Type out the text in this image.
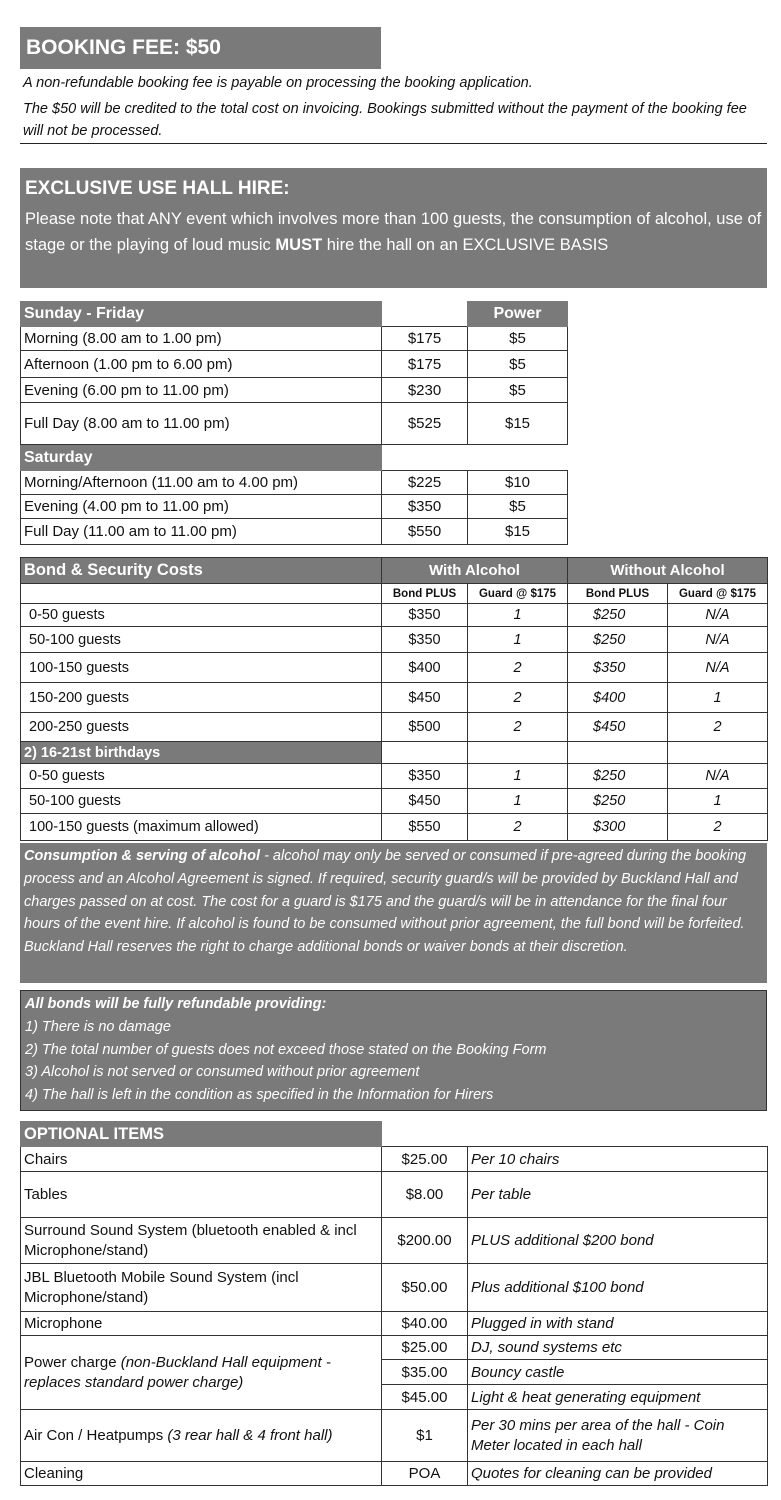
BOOKING FEE: $50
A non-refundable booking fee is payable on processing the booking application.
The $50 will be credited to the total cost on invoicing. Bookings submitted without the payment of the booking fee will not be processed.
EXCLUSIVE USE HALL HIRE:
Please note that ANY event which involves more than 100 guests, the consumption of alcohol, use of stage or the playing of loud music MUST hire the hall on an EXCLUSIVE BASIS
Sunday - Friday		Power
Morning (8.00 am to 1.00 pm)	$175	$5
Afternoon (1.00 pm to 6.00 pm)	$175	$5
Evening (6.00 pm to 11.00 pm)	$230	$5
Full Day (8.00 am to 11.00 pm)	$525	$15
Saturday		
Morning/Afternoon (11.00 am to 4.00 pm)	$225	$10
Evening (4.00 pm to 11.00 pm)	$350	$5
Full Day (11.00 am to 11.00 pm)	$550	$15
Bond & Security Costs	With Alcohol		Without Alcohol	
	Bond PLUS	Guard @ $175	Bond PLUS	Guard @ $175
0-50 guests	$350	1	$250	N/A
50-100 guests	$350	1	$250	N/A
100-150 guests	$400	2	$350	N/A
150-200 guests	$450	2	$400	1
200-250 guests	$500	2	$450	2
2) 16-21st birthdays				
0-50 guests	$350	1	$250	N/A
50-100 guests	$450	1	$250	1
100-150 guests (maximum allowed)	$550	2	$300	2
Consumption & serving of alcohol - alcohol may only be served or consumed if pre-agreed during the booking process and an Alcohol Agreement is signed. If required, security guard/s will be provided by Buckland Hall and charges passed on at cost. The cost for a guard is $175 and the guard/s will be in attendance for the final four hours of the event hire. If alcohol is found to be consumed without prior agreement, the full bond will be forfeited. Buckland Hall reserves the right to charge additional bonds or waiver bonds at their discretion.
All bonds will be fully refundable providing:
1) There is no damage
2) The total number of guests does not exceed those stated on the Booking Form
3) Alcohol is not served or consumed without prior agreement
4) The hall is left in the condition as specified in the Information for Hirers
OPTIONAL ITEMS		
Chairs	$25.00	Per 10 chairs
Tables	$8.00	Per table
Surround Sound System (bluetooth enabled & incl Microphone/stand)	$200.00	PLUS additional $200 bond
JBL Bluetooth Mobile Sound System (incl Microphone/stand)	$50.00	Plus additional $100 bond
Microphone	$40.00	Plugged in with stand
Power charge (non-Buckland Hall equipment - replaces standard power charge)	$25.00	DJ, sound systems etc
	$35.00	Bouncy castle
	$45.00	Light & heat generating equipment
Air Con / Heatpumps (3 rear hall & 4 front hall)	$1	Per 30 mins per area of the hall - Coin Meter located in each hall
Cleaning	POA	Quotes for cleaning can be provided
